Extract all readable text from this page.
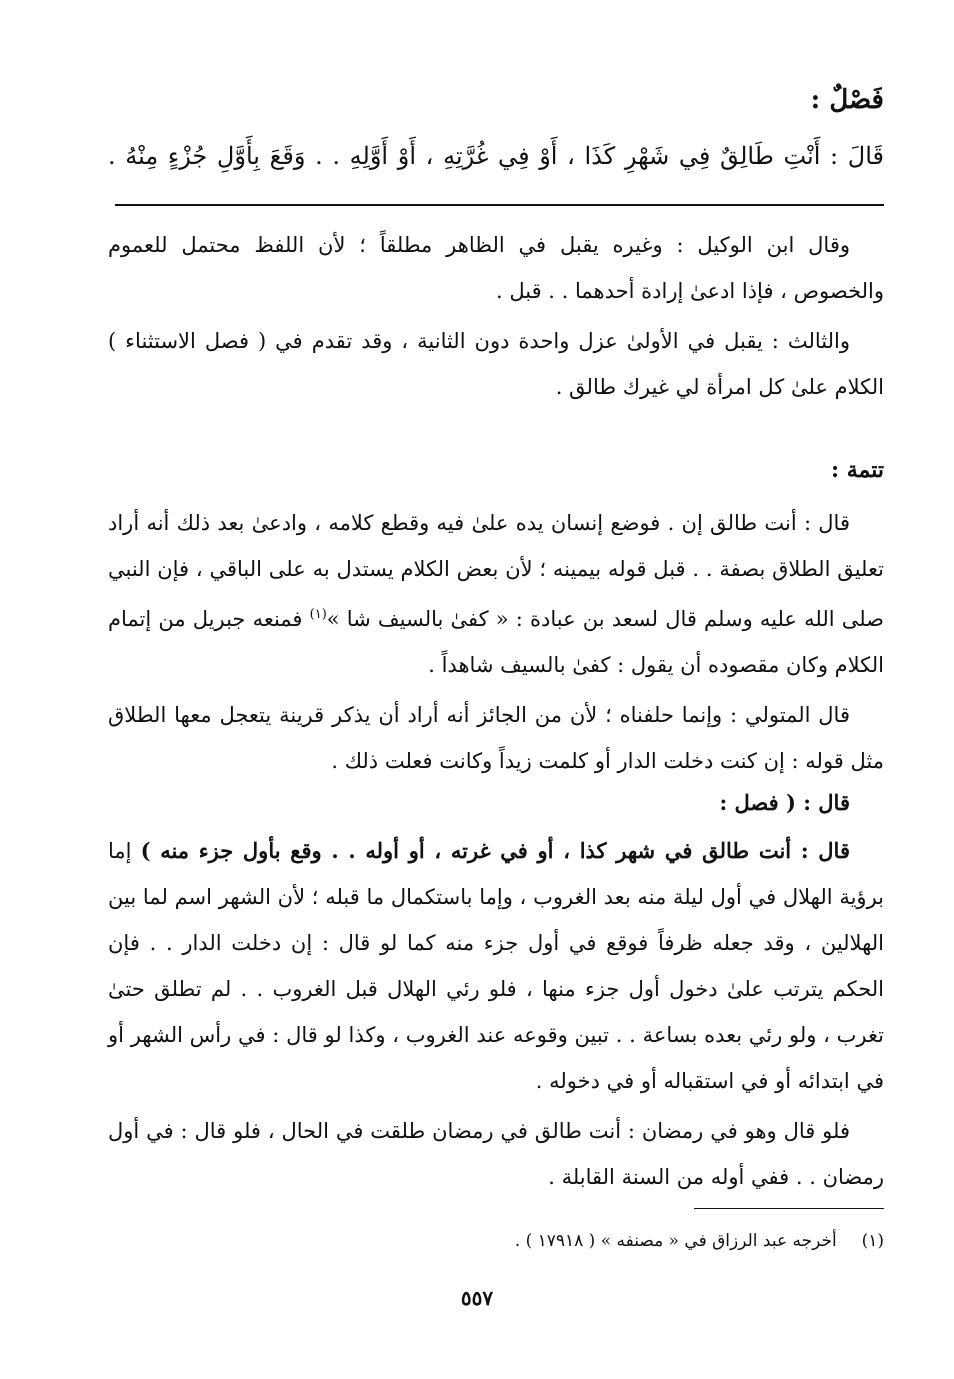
فَصْلٌ :
قَالَ : أَنْتِ طَالِقٌ فِي شَهْرِ كَذَا ، أَوْ فِي غُرَّتِهِ ، أَوْ أَوَّلِهِ . . وَقَعَ بِأَوَّلِ جُزْءٍ مِنْهُ .

وقال ابن الوكيل : وغيره يقبل في الظاهر مطلقاً ؛ لأن اللفظ محتمل للعموم والخصوص ، فإذا ادعىٰ إرادة أحدهما . . قبل .

والثالث : يقبل في الأولىٰ عزل واحدة دون الثانية ، وقد تقدم في ( فصل الاستثناء ) الكلام علىٰ كل امرأة لي غيرك طالق .

تتمة :

قال : أنت طالق إن . فوضع إنسان يده علىٰ فيه وقطع كلامه ، وادعىٰ بعد ذلك أنه أراد تعليق الطلاق بصفة . . قبل قوله بيمينه ؛ لأن بعض الكلام يستدل به على الباقي ، فإن النبي صلى الله عليه وسلم قال لسعد بن عبادة : « كفىٰ بالسيف شا »$^{(١)}$ فمنعه جبريل من إتمام الكلام وكان مقصوده أن يقول : كفىٰ بالسيف شاهداً .

قال المتولي : وإنما حلفناه ؛ لأن من الجائز أنه أراد أن يذكر قرينة يتعجل معها الطلاق مثل قوله : إن كنت دخلت الدار أو كلمت زيداً وكانت فعلت ذلك .

قال : ( فصل :

قال : أنت طالق في شهر كذا ، أو في غرته ، أو أوله . . وقع بأول جزء منه ) إما برؤية الهلال في أول ليلة منه بعد الغروب ، وإما باستكمال ما قبله ؛ لأن الشهر اسم لما بين الهلالين ، وقد جعله ظرفاً فوقع في أول جزء منه كما لو قال : إن دخلت الدار . . فإن الحكم يترتب علىٰ دخول أول جزء منها ، فلو رئي الهلال قبل الغروب . . لم تطلق حتىٰ تغرب ، ولو رئي بعده بساعة . . تبين وقوعه عند الغروب ، وكذا لو قال : في رأس الشهر أو في ابتدائه أو في استقباله أو في دخوله .

فلو قال وهو في رمضان : أنت طالق في رمضان طلقت في الحال ، فلو قال : في أول رمضان . . ففي أوله من السنة القابلة .

(١)  أخرجه عبد الرزاق في « مصنفه » ( ١٧٩١٨ ) .
٥٥٧
